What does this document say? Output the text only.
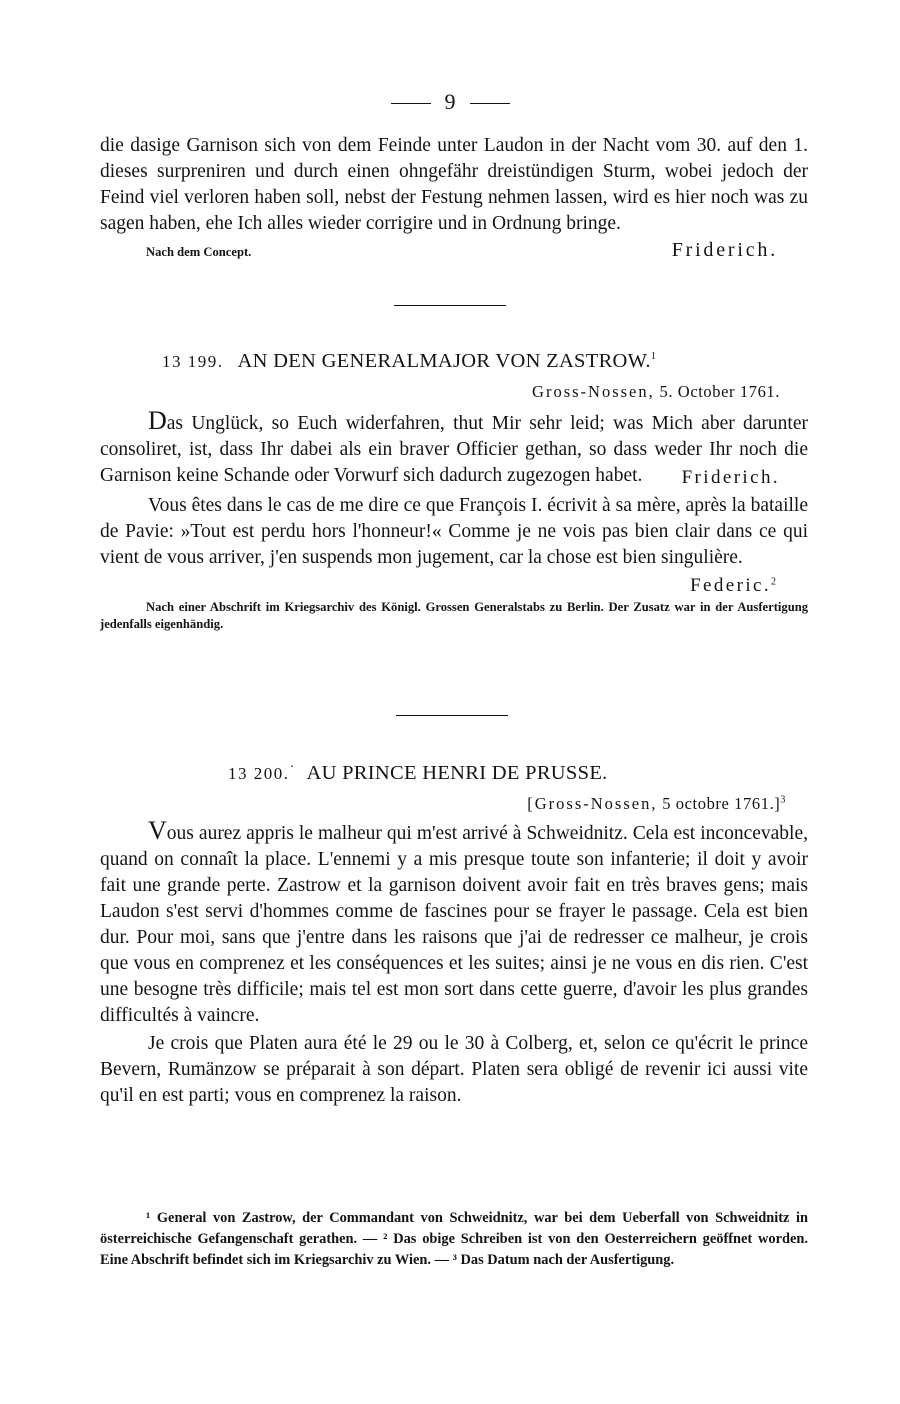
9

die dasige Garnison sich von dem Feinde unter Laudon in der Nacht vom 30. auf den 1. dieses surpreniren und durch einen ohngefähr dreistündigen Sturm, wobei jedoch der Feind viel verloren haben soll, nebst der Festung nehmen lassen, wird es hier noch was zu sagen haben, ehe Ich alles wieder corrigire und in Ordnung bringe.

Nach dem Concept.	Friderich.
13 199. AN DEN GENERALMAJOR VON ZASTROW.$^1$
Gross-Nossen, 5. October 1761.

Das Unglück, so Euch widerfahren, thut Mir sehr leid; was Mich aber darunter consoliret, ist, dass Ihr dabei als ein braver Officier gethan, so dass weder Ihr noch die Garnison keine Schande oder Vorwurf sich dadurch zugezogen habet.	Friderich.

Vous êtes dans le cas de me dire ce que François I. écrivit à sa mère, après la bataille de Pavie: »Tout est perdu hors l'honneur!« Comme je ne vois pas bien clair dans ce qui vient de vous arriver, j'en suspends mon jugement, car la chose est bien singulière.

Federic.$^2$

Nach einer Abschrift im Kriegsarchiv des Königl. Grossen Generalstabs zu Berlin. Der Zusatz war in der Ausfertigung jedenfalls eigenhändig.

13 200.· AU PRINCE HENRI DE PRUSSE.
[Gross-Nossen, 5 octobre 1761.]$^3$

Vous aurez appris le malheur qui m'est arrivé à Schweidnitz. Cela est inconcevable, quand on connaît la place. L'ennemi y a mis presque toute son infanterie; il doit y avoir fait une grande perte. Zastrow et la garnison doivent avoir fait en très braves gens; mais Laudon s'est servi d'hommes comme de fascines pour se frayer le passage. Cela est bien dur. Pour moi, sans que j'entre dans les raisons que j'ai de redresser ce malheur, je crois que vous en comprenez et les conséquences et les suites; ainsi je ne vous en dis rien. C'est une besogne très difficile; mais tel est mon sort dans cette guerre, d'avoir les plus grandes difficultés à vaincre.

Je crois que Platen aura été le 29 ou le 30 à Colberg, et, selon ce qu'écrit le prince Bevern, Rumänzow se préparait à son départ. Platen sera obligé de revenir ici aussi vite qu'il en est parti; vous en comprenez la raison.

¹ General von Zastrow, der Commandant von Schweidnitz, war bei dem Ueberfall von Schweidnitz in österreichische Gefangenschaft gerathen. — ² Das obige Schreiben ist von den Oesterreichern geöffnet worden. Eine Abschrift befindet sich im Kriegsarchiv zu Wien. — ³ Das Datum nach der Ausfertigung.
